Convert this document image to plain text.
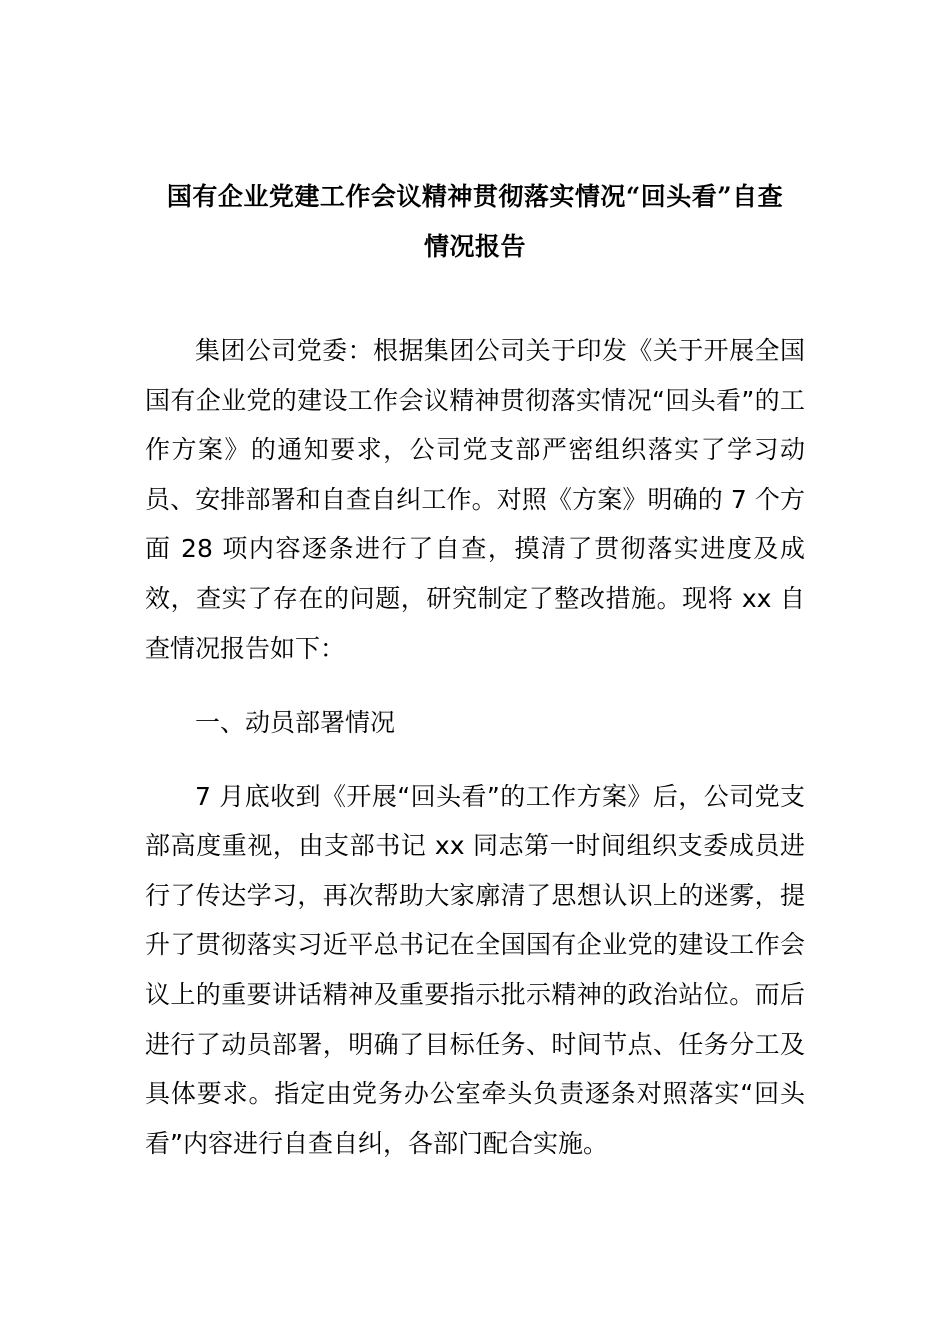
国有企业党建工作会议精神贯彻落实情况“回头看”自查
情况报告

集团公司党委：根据集团公司关于印发《关于开展全国国有企业党的建设工作会议精神贯彻落实情况“回头看”的工作方案》的通知要求，公司党支部严密组织落实了学习动员、安排部署和自查自纠工作。对照《方案》明确的 7 个方面 28 项内容逐条进行了自查，摸清了贯彻落实进度及成效，查实了存在的问题，研究制定了整改措施。现将 xx 自查情况报告如下：

一、动员部署情况

7 月底收到《开展“回头看”的工作方案》后，公司党支部高度重视，由支部书记 xx 同志第一时间组织支委成员进行了传达学习，再次帮助大家廓清了思想认识上的迷雾，提升了贯彻落实习近平总书记在全国国有企业党的建设工作会议上的重要讲话精神及重要指示批示精神的政治站位。而后进行了动员部署，明确了目标任务、时间节点、任务分工及具体要求。指定由党务办公室牵头负责逐条对照落实“回头看”内容进行自查自纠，各部门配合实施。
